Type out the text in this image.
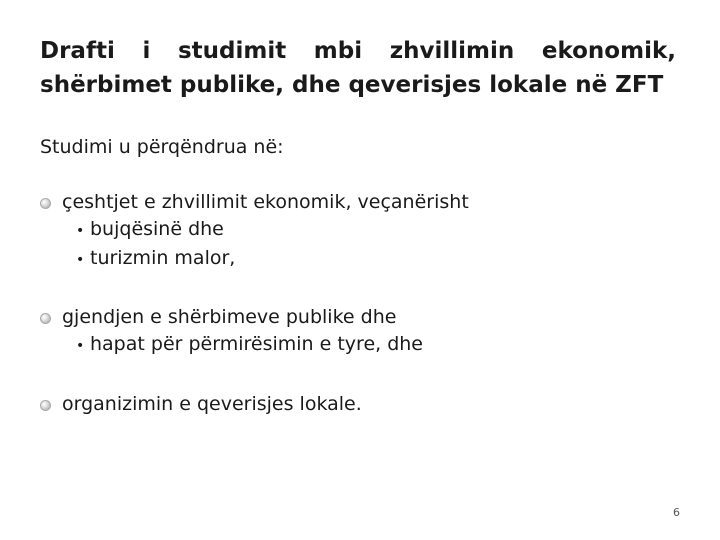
Drafti i studimit mbi zhvillimin ekonomik,
shërbimet publike, dhe qeverisjes lokale në ZFT
Studimi u përqëndrua në:
çeshtjet e zhvillimit ekonomik, veçanërisht
• bujqësinë dhe
• turizmin malor,
gjendjen e shërbimeve publike dhe
• hapat për përmirësimin e tyre, dhe
organizimin e qeverisjes lokale.
6
